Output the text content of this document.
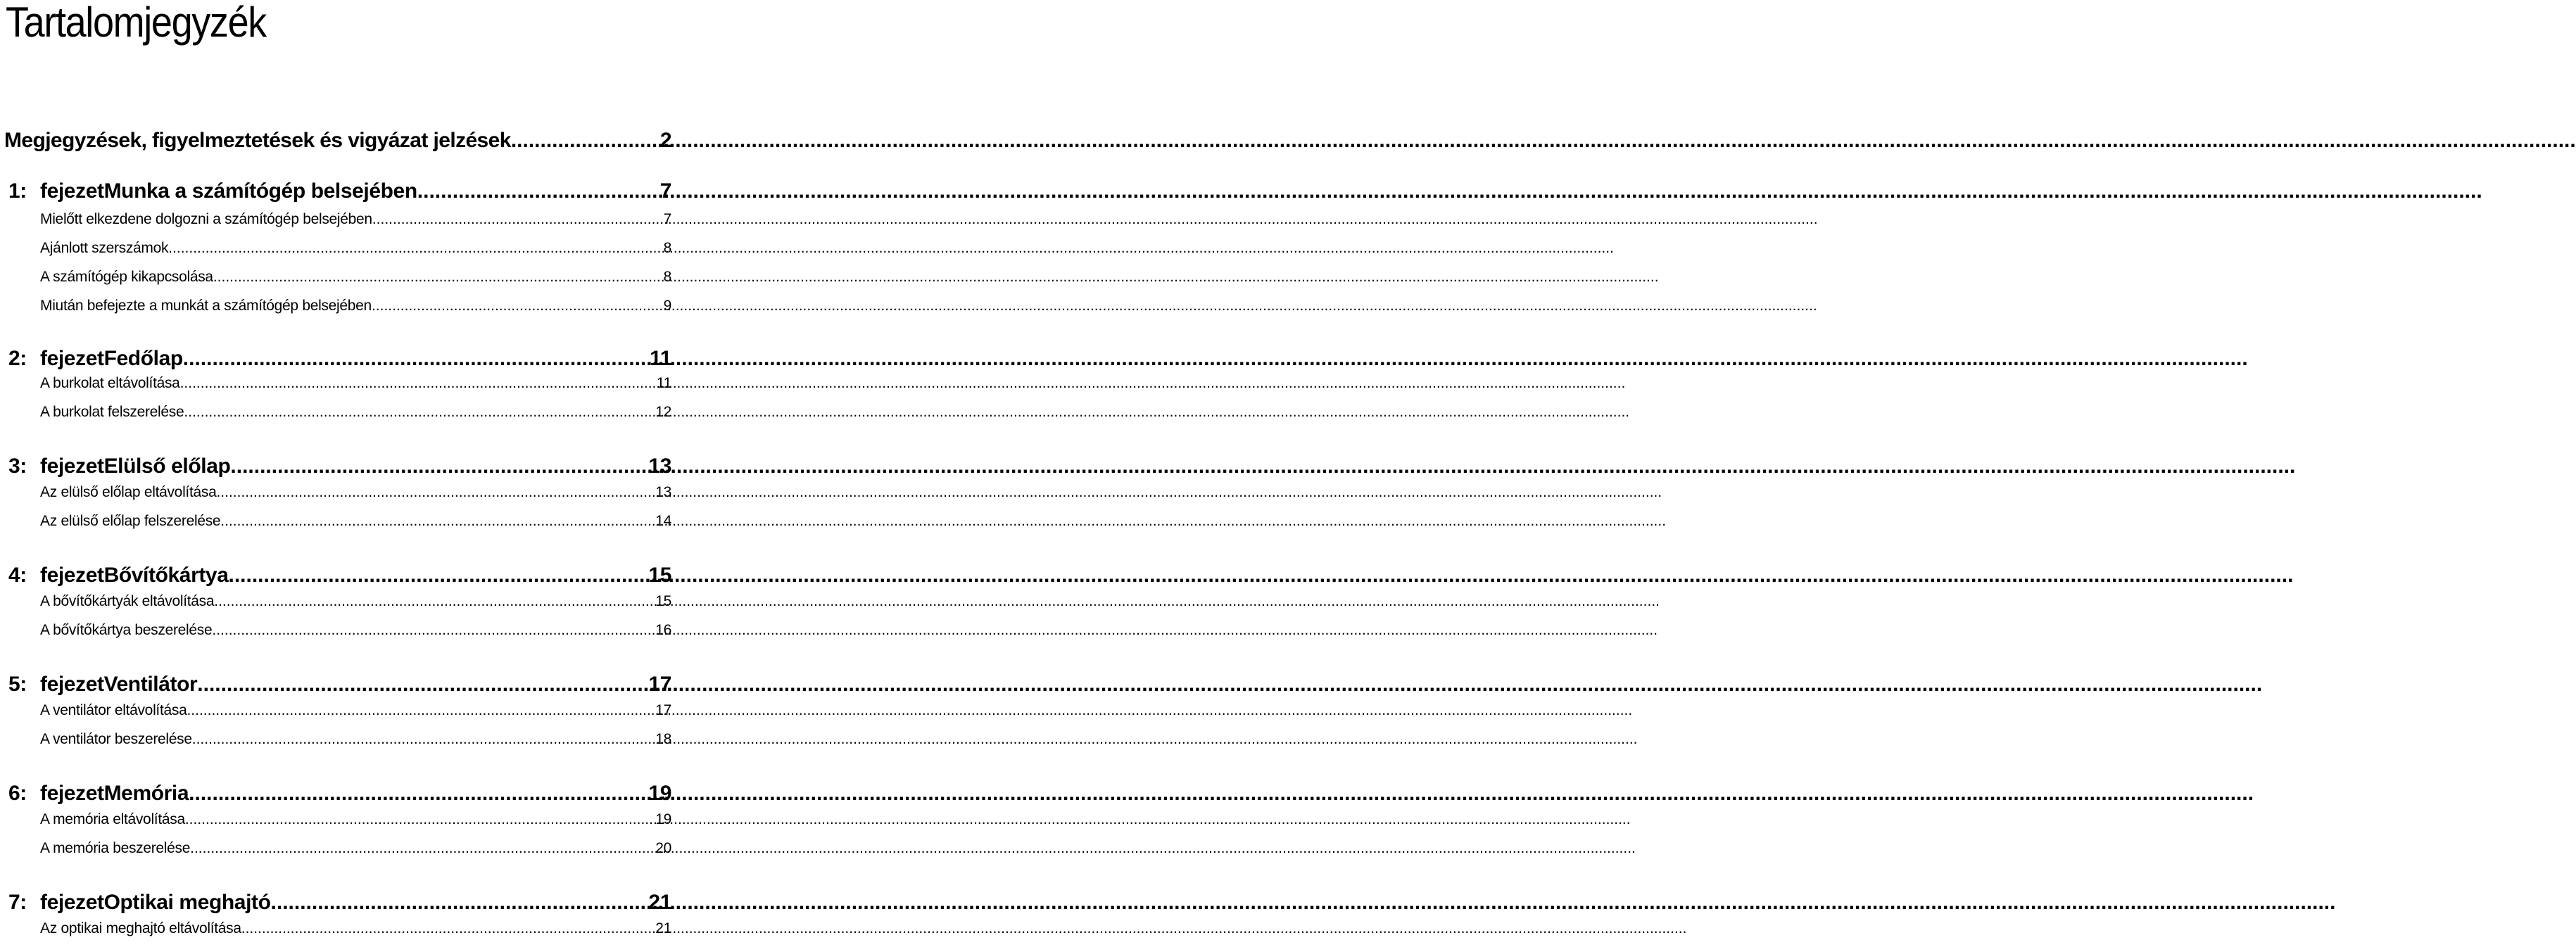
Tartalomjegyzék
Megjegyzések, figyelmeztetések és vigyázat jelzések .....	2
1: fejezetMunka a számítógép belsejében .....	7
Mielőtt elkezdene dolgozni a számítógép belsejében .....	7
Ajánlott szerszámok .....	8
A számítógép kikapcsolása .....	8
Miután befejezte a munkát a számítógép belsejében .....	9
2: fejezetFedőlap .....	11
A burkolat eltávolítása .....	11
A burkolat felszerelése .....	12
3: fejezetElülső előlap .....	13
Az elülső előlap eltávolítása .....	13
Az elülső előlap felszerelése .....	14
4: fejezetBővítőkártya .....	15
A bővítőkártyák eltávolítása .....	15
A bővítőkártya beszerelése .....	16
5: fejezetVentilátor .....	17
A ventilátor eltávolítása .....	17
A ventilátor beszerelése .....	18
6: fejezetMemória .....	19
A memória eltávolítása .....	19
A memória beszerelése .....	20
7: fejezetOptikai meghajtó .....	21
Az optikai meghajtó eltávolítása .....	21
